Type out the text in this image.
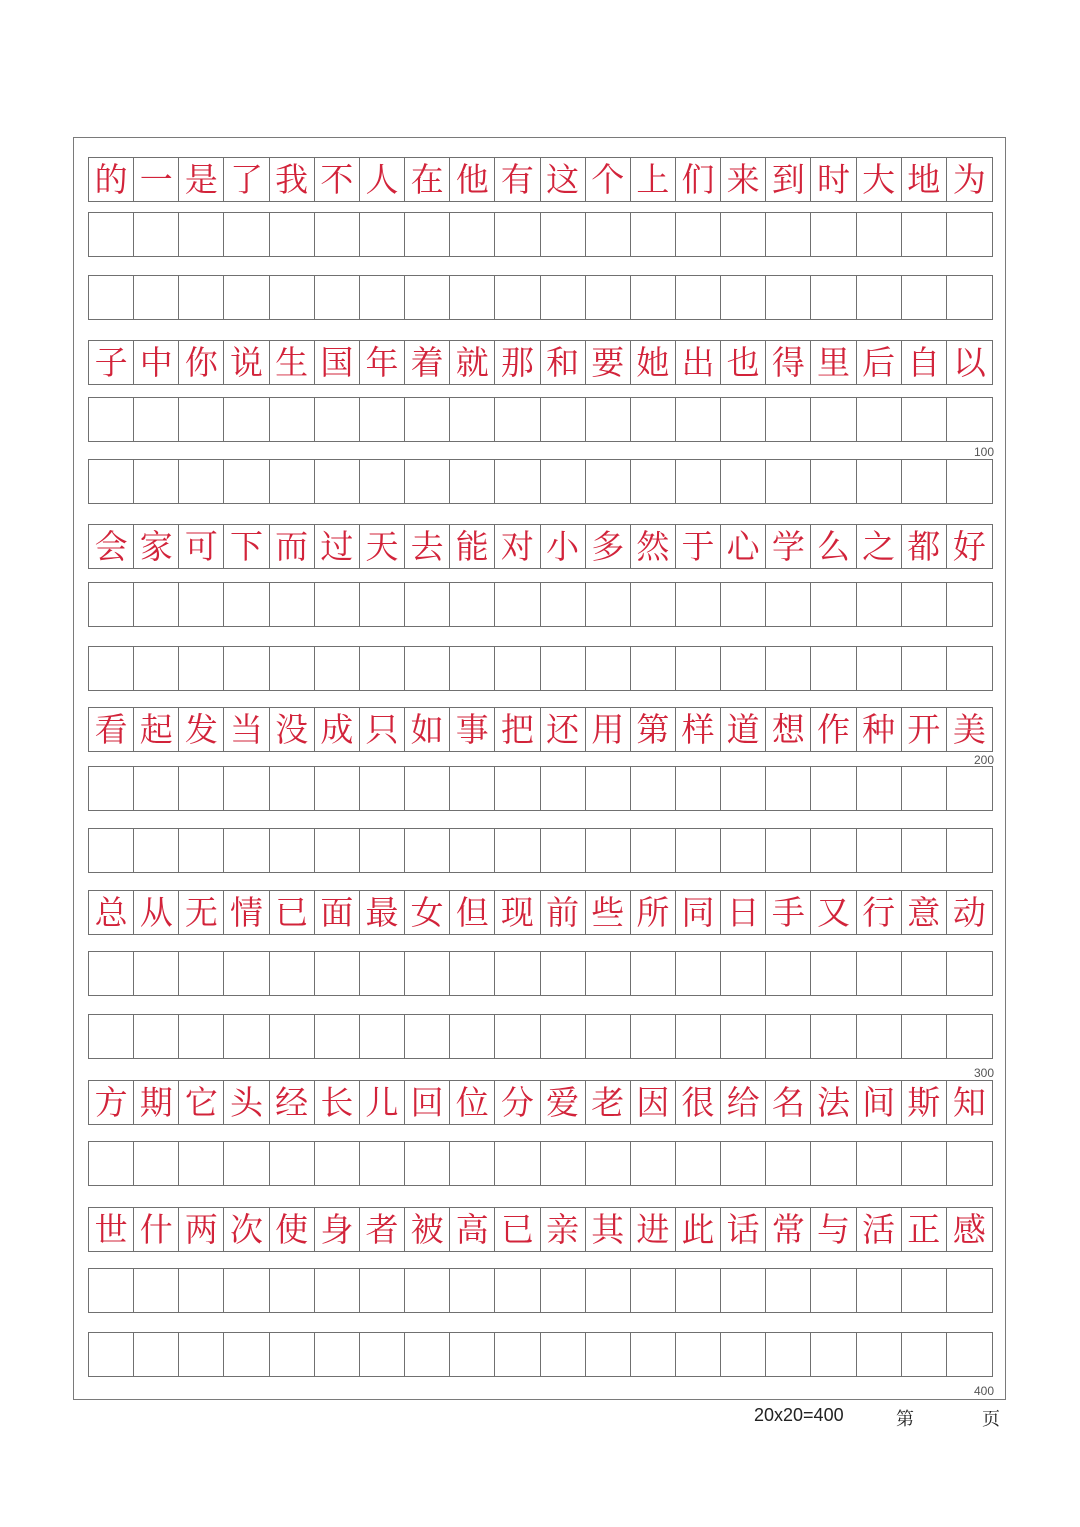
的 一 是 了 我 不 人 在 他 有 这 个 上 们 来 到 时 大 地 为
子 中 你 说 生 国 年 着 就 那 和 要 她 出 也 得 里 后 自 以
会 家 可 下 而 过 天 去 能 对 小 多 然 于 心 学 么 之 都 好
看 起 发 当 没 成 只 如 事 把 还 用 第 样 道 想 作 种 开 美
总 从 无 情 已 面 最 女 但 现 前 些 所 同 日 手 又 行 意 动
方 期 它 头 经 长 儿 回 位 分 爱 老 因 很 给 名 法 间 斯 知
世 什 两 次 使 身 者 被 高 已 亲 其 进 此 话 常 与 活 正 感
100
200
300
400
20x20=400	第	页
